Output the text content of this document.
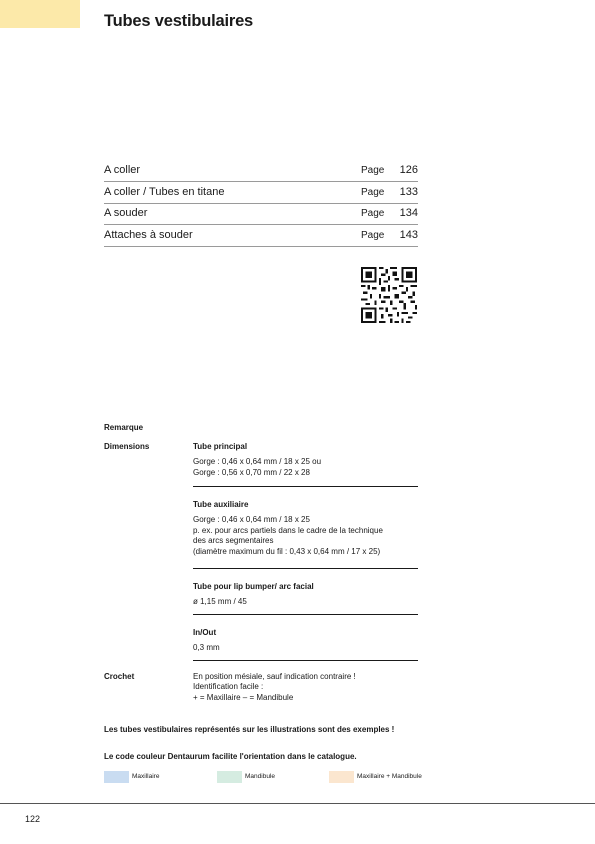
Tubes vestibulaires
A coller	Page 126
A coller / Tubes en titane	Page 133
A souder	Page 134
Attaches à souder	Page 143
Remarque
Dimensions	Tube principal
Gorge : 0,46 x 0,64 mm / 18 x 25 ou
Gorge : 0,56 x 0,70 mm / 22 x 28
Tube auxiliaire
Gorge : 0,46 x 0,64 mm / 18 x 25
p. ex. pour arcs partiels dans le cadre de la technique
des arcs segmentaires
(diamètre maximum du fil : 0,43 x 0,64 mm / 17 x 25)
Tube pour lip bumper/ arc facial
ø 1,15 mm / 45
In/Out
0,3 mm
Crochet	En position mésiale, sauf indication contraire !
Identification facile :
+ = Maxillaire – = Mandibule
Les tubes vestibulaires représentés sur les illustrations sont des exemples !
Le code couleur Dentaurum facilite l'orientation dans le catalogue.
Maxillaire	Mandibule	Maxillaire + Mandibule
122
